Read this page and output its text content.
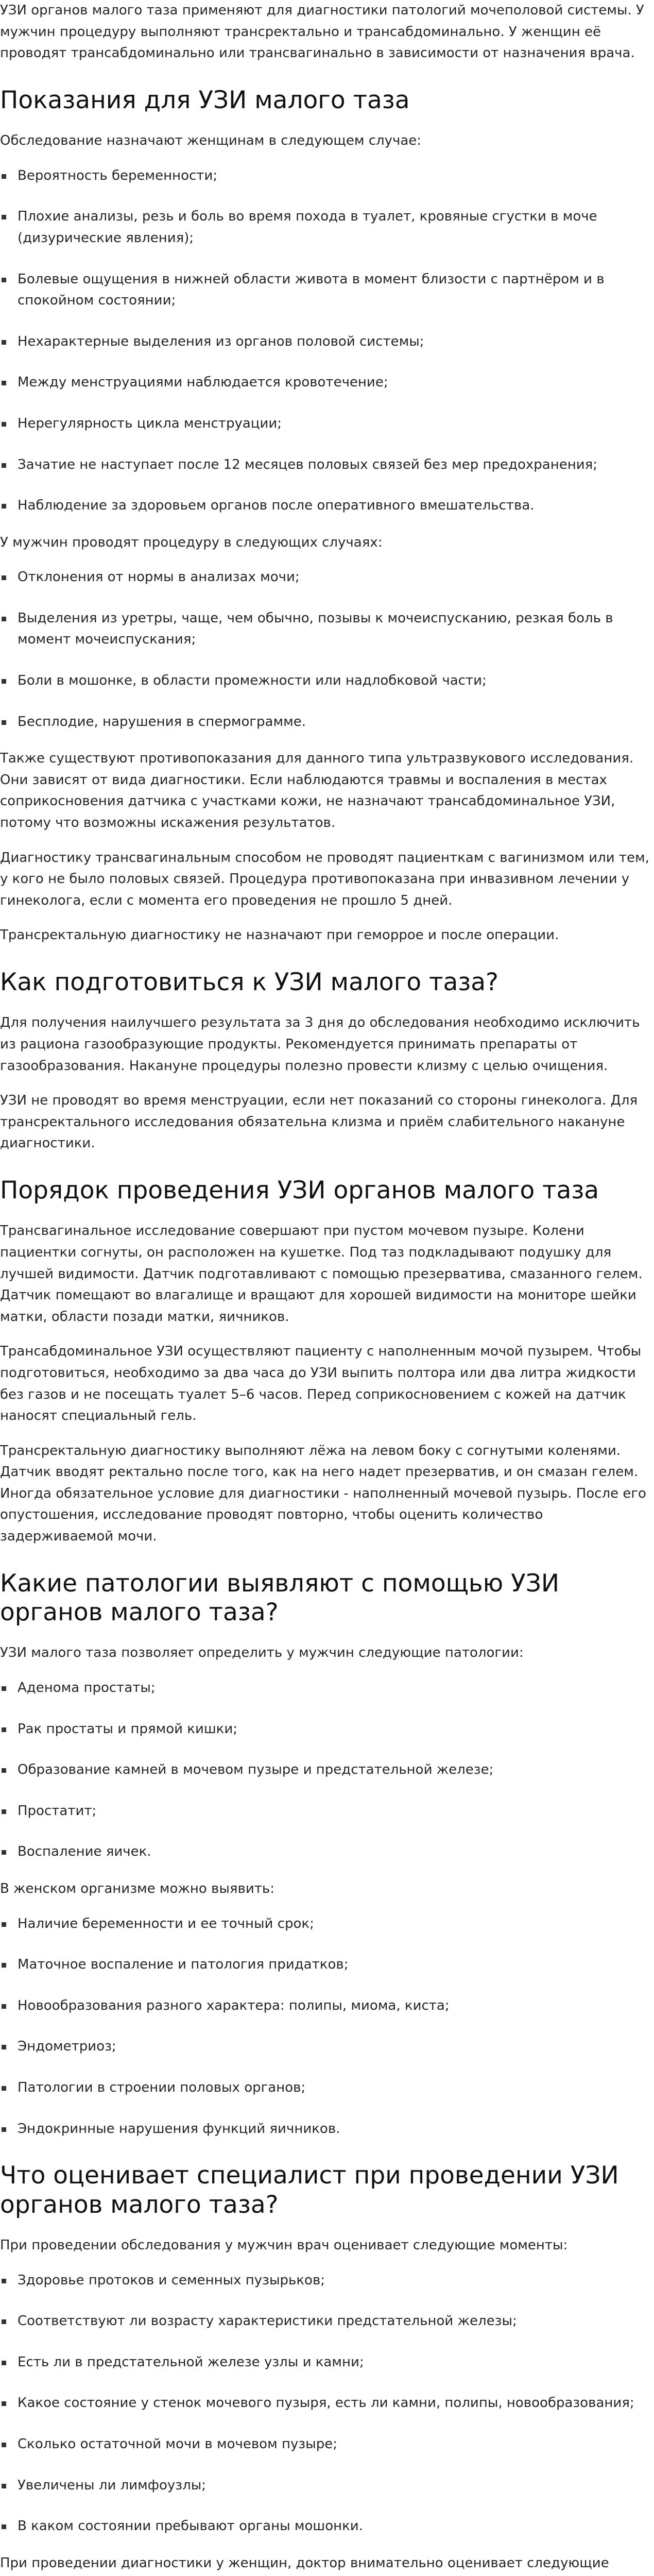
УЗИ органов малого таза применяют для диагностики патологий мочеполовой системы. У мужчин процедуру выполняют трансректально и трансабдоминально. У женщин её проводят трансабдоминально или трансвагинально в зависимости от назначения врача.

Показания для УЗИ малого таза

Обследование назначают женщинам в следующем случае:

Вероятность беременности;
Плохие анализы, резь и боль во время похода в туалет, кровяные сгустки в моче (дизурические явления);
Болевые ощущения в нижней области живота в момент близости с партнёром и в спокойном состоянии;
Нехарактерные выделения из органов половой системы;
Между менструациями наблюдается кровотечение;
Нерегулярность цикла менструации;
Зачатие не наступает после 12 месяцев половых связей без мер предохранения;
Наблюдение за здоровьем органов после оперативного вмешательства.

У мужчин проводят процедуру в следующих случаях:

Отклонения от нормы в анализах мочи;
Выделения из уретры, чаще, чем обычно, позывы к мочеиспусканию, резкая боль в момент мочеиспускания;
Боли в мошонке, в области промежности или надлобковой части;
Бесплодие, нарушения в спермограмме.

Также существуют противопоказания для данного типа ультразвукового исследования. Они зависят от вида диагностики. Если наблюдаются травмы и воспаления в местах соприкосновения датчика с участками кожи, не назначают трансабдоминальное УЗИ, потому что возможны искажения результатов.

Диагностику трансвагинальным способом не проводят пациенткам с вагинизмом или тем, у кого не было половых связей. Процедура противопоказана при инвазивном лечении у гинеколога, если с момента его проведения не прошло 5 дней.

Трансректальную диагностику не назначают при геморрое и после операции.

Как подготовиться к УЗИ малого таза?

Для получения наилучшего результата за 3 дня до обследования необходимо исключить из рациона газообразующие продукты. Рекомендуется принимать препараты от газообразования. Накануне процедуры полезно провести клизму с целью очищения.

УЗИ не проводят во время менструации, если нет показаний со стороны гинеколога. Для трансректального исследования обязательна клизма и приём слабительного накануне диагностики.

Порядок проведения УЗИ органов малого таза

Трансвагинальное исследование совершают при пустом мочевом пузыре. Колени пациентки согнуты, он расположен на кушетке. Под таз подкладывают подушку для лучшей видимости. Датчик подготавливают с помощью презерватива, смазанного гелем. Датчик помещают во влагалище и вращают для хорошей видимости на мониторе шейки матки, области позади матки, яичников.

Трансабдоминальное УЗИ осуществляют пациенту с наполненным мочой пузырем. Чтобы подготовиться, необходимо за два часа до УЗИ выпить полтора или два литра жидкости без газов и не посещать туалет 5–6 часов. Перед соприкосновением с кожей на датчик наносят специальный гель.

Трансректальную диагностику выполняют лёжа на левом боку с согнутыми коленями. Датчик вводят ректально после того, как на него надет презерватив, и он смазан гелем. Иногда обязательное условие для диагностики - наполненный мочевой пузырь. После его опустошения, исследование проводят повторно, чтобы оценить количество задерживаемой мочи.

Какие патологии выявляют с помощью УЗИ органов малого таза?

УЗИ малого таза позволяет определить у мужчин следующие патологии:

Аденома простаты;
Рак простаты и прямой кишки;
Образование камней в мочевом пузыре и предстательной железе;
Простатит;
Воспаление яичек.

В женском организме можно выявить:

Наличие беременности и ее точный срок;
Маточное воспаление и патология придатков;
Новообразования разного характера: полипы, миома, киста;
Эндометриоз;
Патологии в строении половых органов;
Эндокринные нарушения функций яичников.
Что оценивает специалист при проведении УЗИ органов малого таза?

При проведении обследования у мужчин врач оценивает следующие моменты:

Здоровье протоков и семенных пузырьков;
Соответствуют ли возрасту характеристики предстательной железы;
Есть ли в предстательной железе узлы и камни;
Какое состояние у стенок мочевого пузыря, есть ли камни, полипы, новообразования;
Сколько остаточной мочи в мочевом пузыре;
Увеличены ли лимфоузлы;
В каком состоянии пребывают органы мошонки.

При проведении диагностики у женщин, доктор внимательно оценивает следующие
